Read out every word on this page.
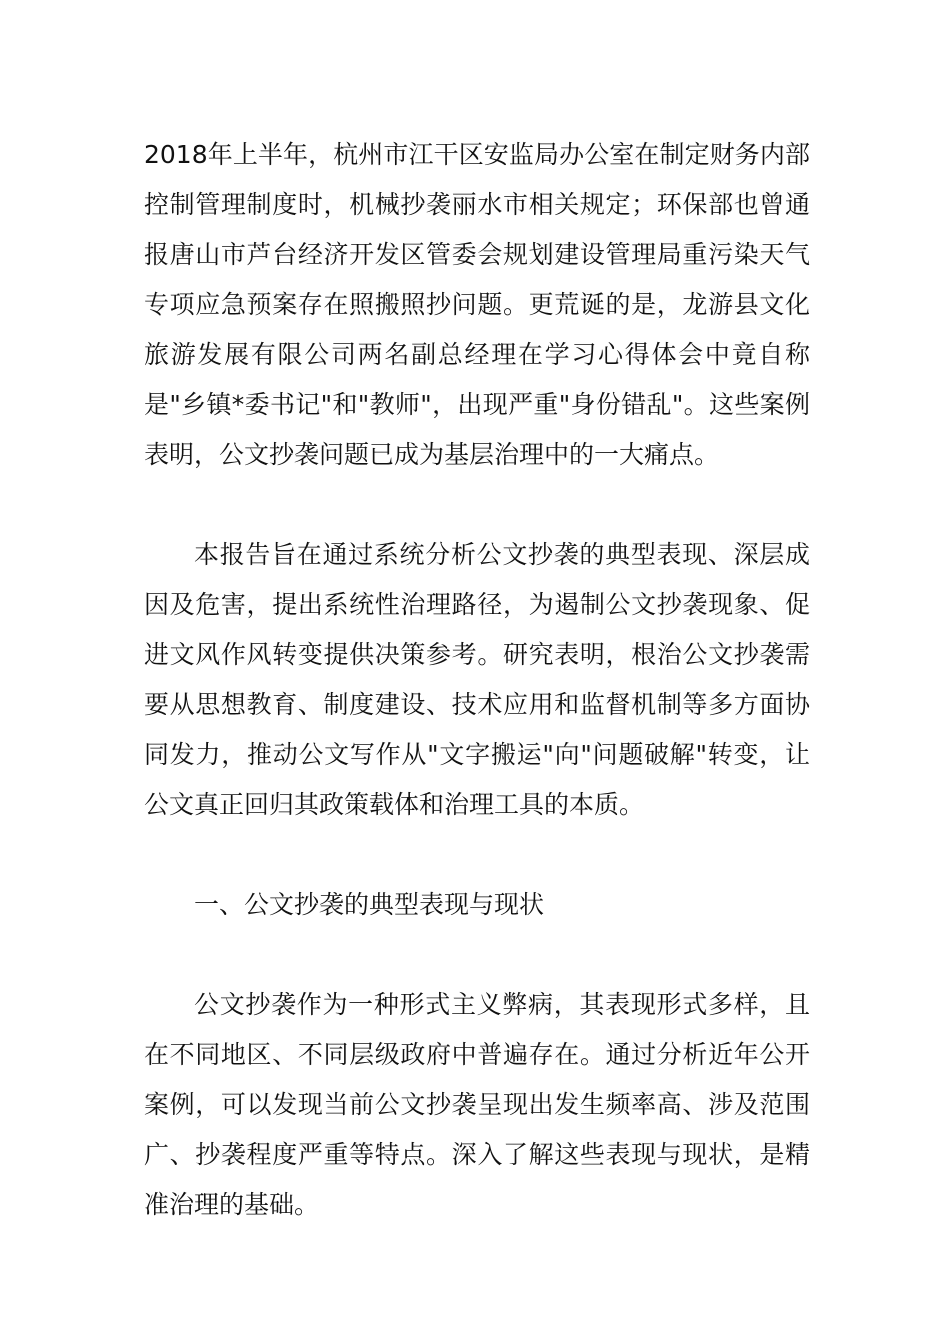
2018年上半年，杭州市江干区安监局办公室在制定财务内部控制管理制度时，机械抄袭丽水市相关规定；环保部也曾通报唐山市芦台经济开发区管委会规划建设管理局重污染天气专项应急预案存在照搬照抄问题。更荒诞的是，龙游县文化旅游发展有限公司两名副总经理在学习心得体会中竟自称是"乡镇*委书记"和"教师"，出现严重"身份错乱"。这些案例表明，公文抄袭问题已成为基层治理中的一大痛点。

本报告旨在通过系统分析公文抄袭的典型表现、深层成因及危害，提出系统性治理路径，为遏制公文抄袭现象、促进文风作风转变提供决策参考。研究表明，根治公文抄袭需要从思想教育、制度建设、技术应用和监督机制等多方面协同发力，推动公文写作从"文字搬运"向"问题破解"转变，让公文真正回归其政策载体和治理工具的本质。

一、公文抄袭的典型表现与现状

公文抄袭作为一种形式主义弊病，其表现形式多样，且在不同地区、不同层级政府中普遍存在。通过分析近年公开案例，可以发现当前公文抄袭呈现出发生频率高、涉及范围广、抄袭程度严重等特点。深入了解这些表现与现状，是精准治理的基础。
